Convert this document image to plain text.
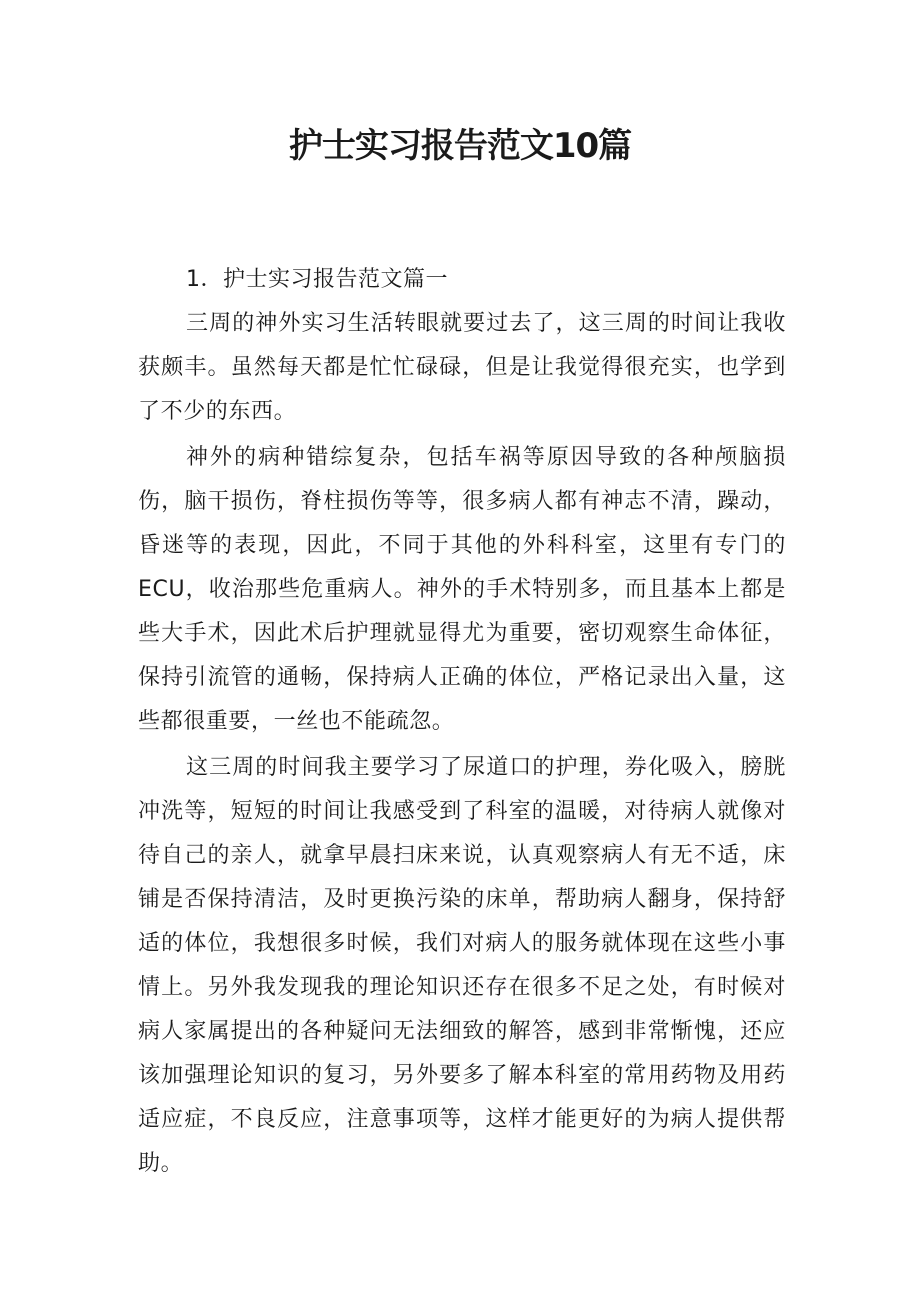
护士实习报告范文10篇

1．护士实习报告范文篇一

三周的神外实习生活转眼就要过去了，这三周的时间让我收获颇丰。虽然每天都是忙忙碌碌，但是让我觉得很充实，也学到了不少的东西。

神外的病种错综复杂，包括车祸等原因导致的各种颅脑损伤，脑干损伤，脊柱损伤等等，很多病人都有神志不清，躁动，昏迷等的表现，因此，不同于其他的外科科室，这里有专门的ECU，收治那些危重病人。神外的手术特别多，而且基本上都是些大手术，因此术后护理就显得尤为重要，密切观察生命体征，保持引流管的通畅，保持病人正确的体位，严格记录出入量，这些都很重要，一丝也不能疏忽。

这三周的时间我主要学习了尿道口的护理，券化吸入，膀胱冲洗等，短短的时间让我感受到了科室的温暖，对待病人就像对待自己的亲人，就拿早晨扫床来说，认真观察病人有无不适，床铺是否保持清洁，及时更换污染的床单，帮助病人翻身，保持舒适的体位，我想很多时候，我们对病人的服务就体现在这些小事情上。另外我发现我的理论知识还存在很多不足之处，有时候对病人家属提出的各种疑问无法细致的解答，感到非常惭愧，还应该加强理论知识的复习，另外要多了解本科室的常用药物及用药适应症，不良反应，注意事项等，这样才能更好的为病人提供帮助。
